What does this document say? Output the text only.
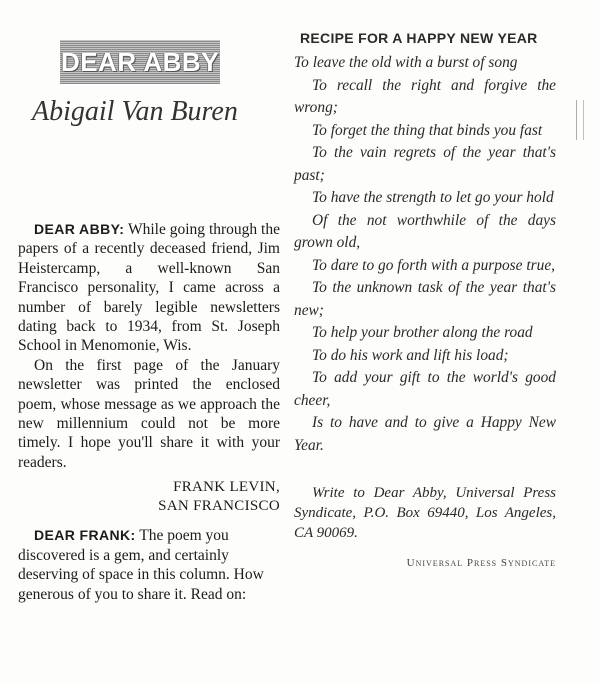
DEAR ABBY
Abigail Van Buren

DEAR ABBY: While going through the papers of a recently deceased friend, Jim Heistercamp, a well-known San Francisco personality, I came across a number of barely legible newsletters dating back to 1934, from St. Joseph School in Menomonie, Wis.

On the first page of the January newsletter was printed the enclosed poem, whose message as we approach the new millennium could not be more timely. I hope you'll share it with your readers.

FRANK LEVIN,
SAN FRANCISCO

DEAR FRANK: The poem you discovered is a gem, and certainly deserving of space in this column. How generous of you to share it. Read on:

RECIPE FOR A HAPPY NEW YEAR
To leave the old with a burst of song
To recall the right and forgive the wrong;
To forget the thing that binds you fast
To the vain regrets of the year that's past;
To have the strength to let go your hold
Of the not worthwhile of the days grown old,
To dare to go forth with a purpose true,
To the unknown task of the year that's new;
To help your brother along the road
To do his work and lift his load;
To add your gift to the world's good cheer,
Is to have and to give a Happy New Year.
Write to Dear Abby, Universal Press Syndicate, P.O. Box 69440, Los Angeles, CA 90069.
Universal Press Syndicate
